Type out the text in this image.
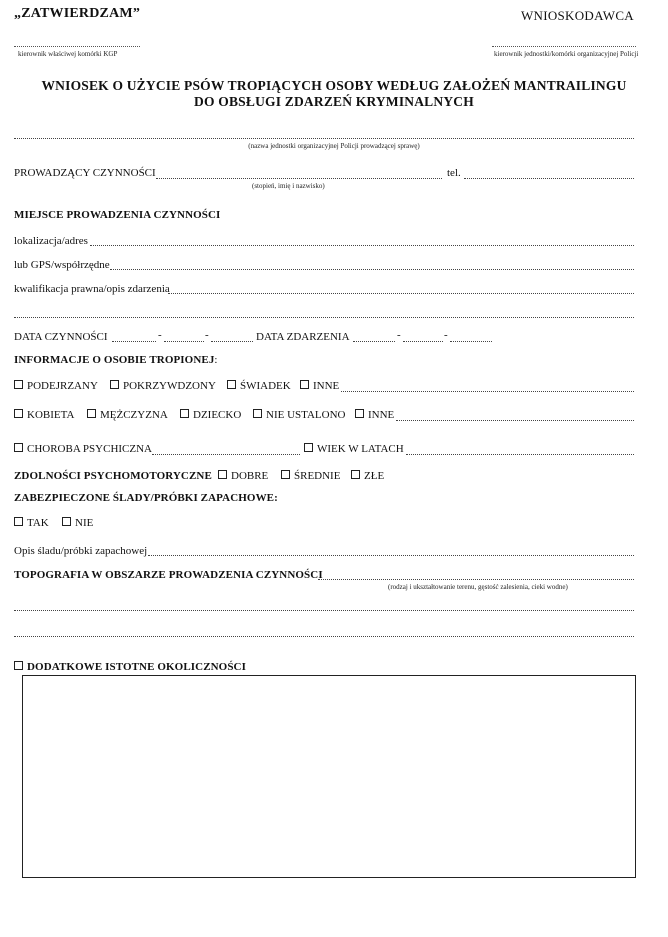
„ZATWIERDZAM”	WNIOSKODAWCA
kierownik właściwej komórki KGP	kierownik jednostki/komórki organizacyjnej Policji
WNIOSEK O UŻYCIE PSÓW TROPIĄCYCH OSOBY WEDŁUG ZAŁOŻEŃ MANTRAILINGU
DO OBSŁUGI ZDARZEŃ KRYMINALNYCH
(nazwa jednostki organizacyjnej Policji prowadzącej sprawę)
PROWADZĄCY CZYNNOŚCI
(stopień, imię i nazwisko)
tel.
MIEJSCE PROWADZENIA CZYNNOŚCI
lokalizacja/adres
lub GPS/współrzędne
kwalifikacja prawna/opis zdarzenia
DATA CZYNNOŚCI	-	-	DATA ZDARZENIA	-	-
INFORMACJE O OSOBIE TROPIONEJ:
PODEJRZANY	POKRZYWDZONY	ŚWIADEK	INNE
KOBIETA	MĘŻCZYZNA	DZIECKO	NIE USTALONO	INNE
CHOROBA PSYCHICZNA	WIEK W LATACH
ZDOLNOŚCI PSYCHOMOTORYCZNE	DOBRE	ŚREDNIE	ZŁE
ZABEZPIECZONE ŚLADY/PRÓBKI ZAPACHOWE:
TAK	NIE
Opis śladu/próbki zapachowej
TOPOGRAFIA W OBSZARZE PROWADZENIA CZYNNOŚCI
(rodzaj i ukształtowanie terenu, gęstość zalesienia, cieki wodne)
DODATKOWE ISTOTNE OKOLICZNOŚCI
